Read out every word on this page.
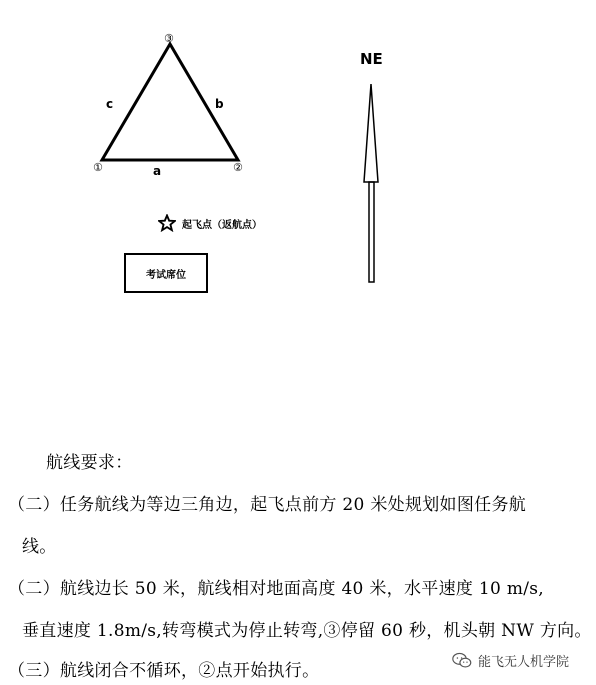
③
①	②
c	b
a
NE
起飞点（返航点）
考试席位
航线要求：
（二）任务航线为等边三角边，起飞点前方 20 米处规划如图任务航
线。
（二）航线边长 50 米，航线相对地面高度 40 米，水平速度 10 m/s,
垂直速度 1.8m/s,转弯模式为停止转弯,③停留 60 秒，机头朝 NW 方向。
（三）航线闭合不循环，②点开始执行。	能飞无人机学院
